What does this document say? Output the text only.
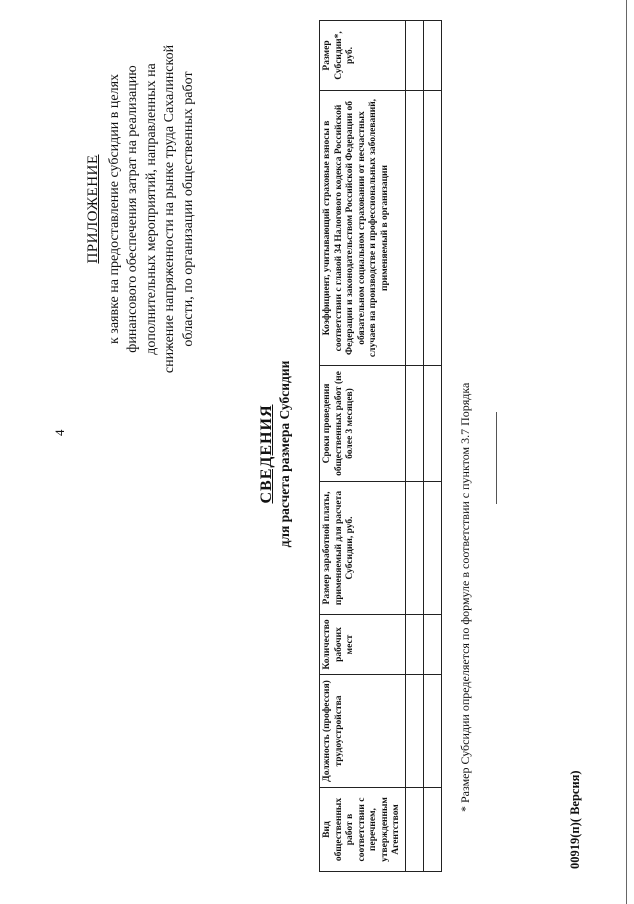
4
ПРИЛОЖЕНИЕ к заявке на предоставление субсидии в целях финансового обеспечения затрат на реализацию дополнительных мероприятий, направленных на снижение напряженности на рынке труда Сахалинской области, по организации общественных работ
СВЕДЕНИЯ для расчета размера Субсидии
Вид общественных работ в соответствии с перечнем, утвержденным Агентством	Должность (профессия) трудоустройства	Количество рабочих мест	Размер заработной платы, применяемый для расчета Субсидии, руб.	Сроки проведения общественных работ (не более 3 месяцев)	Коэффициент, учитывающий страховые взносы в соответствии с главой 34 Налогового кодекса Российской Федерации и законодательством Российской Федерации об обязательном социальном страховании от несчастных случаев на производстве и профессиональных заболеваний, применяемый в организации	Размер Субсидии*, руб.

* Размер Субсидии определяется по формуле в соответствии с пунктом 3.7 Порядка
00919(п)( Версия)
